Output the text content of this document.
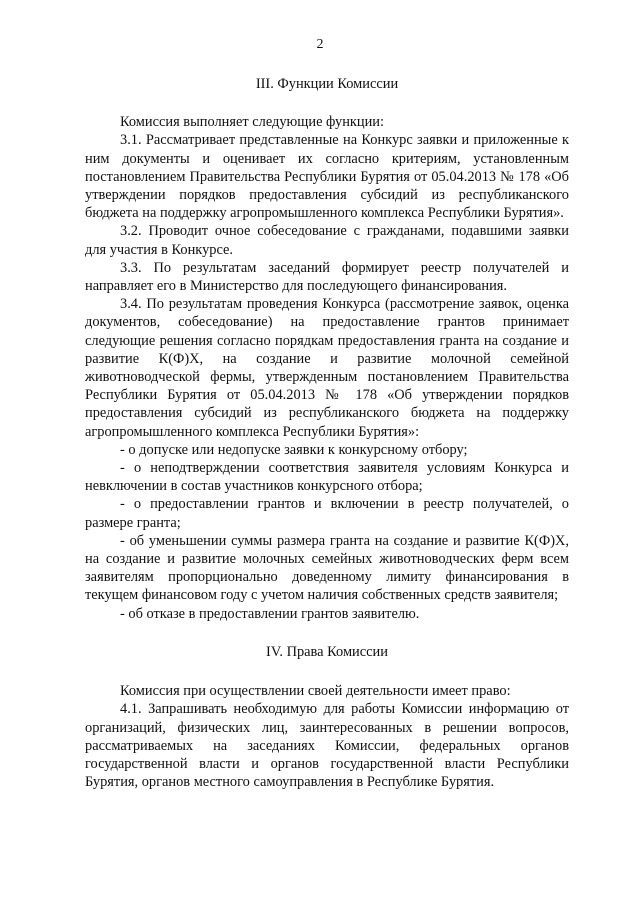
2
III. Функции Комиссии

Комиссия выполняет следующие функции:

3.1. Рассматривает представленные на Конкурс заявки и приложенные к ним документы и оценивает их согласно критериям, установленным постановлением Правительства Республики Бурятия от 05.04.2013 № 178 «Об утверждении порядков предоставления субсидий из республиканского бюджета на поддержку агропромышленного комплекса Республики Бурятия».

3.2. Проводит очное собеседование с гражданами, подавшими заявки для участия в Конкурсе.

3.3. По результатам заседаний формирует реестр получателей и направляет его в Министерство для последующего финансирования.

3.4. По результатам проведения Конкурса (рассмотрение заявок, оценка документов, собеседование) на предоставление грантов принимает следующие решения согласно порядкам предоставления гранта на создание и развитие К(Ф)Х, на создание и развитие молочной семейной животноводческой фермы, утвержденным постановлением Правительства Республики Бурятия от 05.04.2013 № 178 «Об утверждении порядков предоставления субсидий из республиканского бюджета на поддержку агропромышленного комплекса Республики Бурятия»:

- о допуске или недопуске заявки к конкурсному отбору;

- о неподтверждении соответствия заявителя условиям Конкурса и невключении в состав участников конкурсного отбора;

- о предоставлении грантов и включении в реестр получателей, о размере гранта;

- об уменьшении суммы размера гранта на создание и развитие К(Ф)Х, на создание и развитие молочных семейных животноводческих ферм всем заявителям пропорционально доведенному лимиту финансирования в текущем финансовом году с учетом наличия собственных средств заявителя;

- об отказе в предоставлении грантов заявителю.

IV. Права Комиссии

Комиссия при осуществлении своей деятельности имеет право:

4.1. Запрашивать необходимую для работы Комиссии информацию от организаций, физических лиц, заинтересованных в решении вопросов, рассматриваемых на заседаниях Комиссии, федеральных органов государственной власти и органов государственной власти Республики Бурятия, органов местного самоуправления в Республике Бурятия.
